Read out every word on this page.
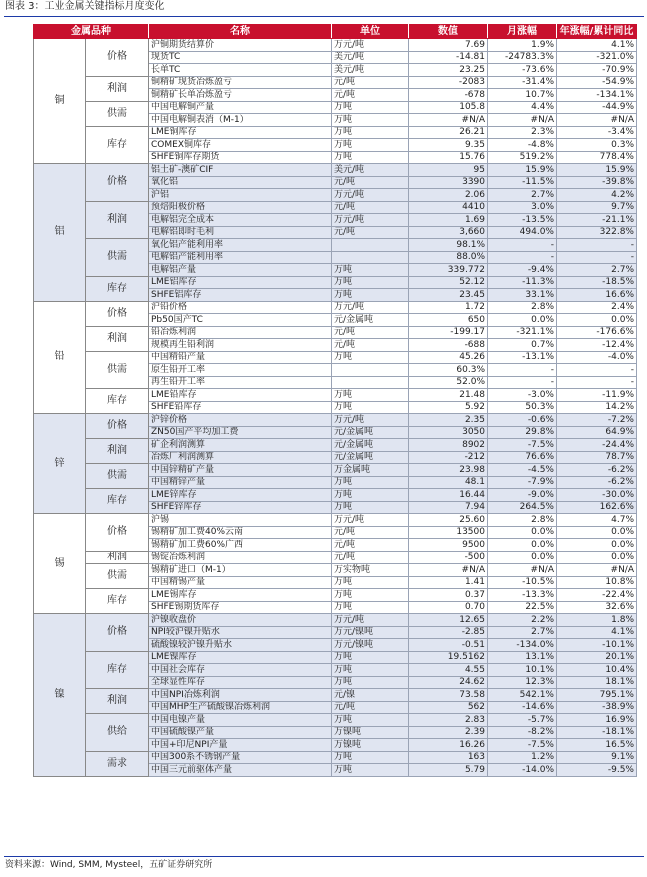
图表 3：工业金属关键指标月度变化
金属品种		名称	单位	数值	月涨幅	年涨幅/累计同比
铜	价格	沪铜期货结算价	万元/吨	7.69	1.9%	4.1%
		现货TC	美元/吨	-14.81	-24783.3%	-321.0%
		长单TC	美元/吨	23.25	-73.6%	-70.9%
	利润	铜精矿现货冶炼盈亏	元/吨	-2083	-31.4%	-54.9%
		铜精矿长单冶炼盈亏	元/吨	-678	10.7%	-134.1%
	供需	中国电解铜产量	万吨	105.8	4.4%	-44.9%
		中国电解铜表消（M-1）	万吨	#N/A	#N/A	#N/A
	库存	LME铜库存	万吨	26.21	2.3%	-3.4%
		COMEX铜库存	万吨	9.35	-4.8%	0.3%
		SHFE铜库存期货	万吨	15.76	519.2%	778.4%
铝	价格	铝土矿-澳矿CIF	美元/吨	95	15.9%	15.9%
		氧化铝	元/吨	3390	-11.5%	-39.8%
		沪铝	万元/吨	2.06	2.7%	4.2%
	利润	预焙阳极价格	元/吨	4410	3.0%	9.7%
		电解铝完全成本	万元/吨	1.69	-13.5%	-21.1%
		电解铝即时毛利	元/吨	3,660	494.0%	322.8%
	供需	氧化铝产能利用率		98.1%	-	-
		电解铝产能利用率		88.0%	-	-
		电解铝产量	万吨	339.772	-9.4%	2.7%
	库存	LME铝库存	万吨	52.12	-11.3%	-18.5%
		SHFE铝库存	万吨	23.45	33.1%	16.6%
铅	价格	沪铅价格	万元/吨	1.72	2.8%	2.4%
		Pb50国产TC	元/金属吨	650	0.0%	0.0%
	利润	铅冶炼利润	元/吨	-199.17	-321.1%	-176.6%
		规模再生铅利润	元/吨	-688	0.7%	-12.4%
	供需	中国精铅产量	万吨	45.26	-13.1%	-4.0%
		原生铅开工率		60.3%	-	-
		再生铅开工率		52.0%	-	-
	库存	LME铅库存	万吨	21.48	-3.0%	-11.9%
		SHFE铅库存	万吨	5.92	50.3%	14.2%
锌	价格	沪锌价格	万元/吨	2.35	-0.6%	-7.2%
		ZN50国产平均加工费	元/金属吨	3050	29.8%	64.9%
	利润	矿企利润测算	元/金属吨	8902	-7.5%	-24.4%
		冶炼厂利润测算	元/金属吨	-212	76.6%	78.7%
	供需	中国锌精矿产量	万金属吨	23.98	-4.5%	-6.2%
		中国精锌产量	万吨	48.1	-7.9%	-6.2%
	库存	LME锌库存	万吨	16.44	-9.0%	-30.0%
		SHFE锌库存	万吨	7.94	264.5%	162.6%
锡	价格	沪锡	万元/吨	25.60	2.8%	4.7%
		锡精矿加工费40%云南	元/吨	13500	0.0%	0.0%
		锡精矿加工费60%广西	元/吨	9500	0.0%	0.0%
	利润	锡锭冶炼利润	元/吨	-500	0.0%	0.0%
	供需	锡精矿进口（M-1）	万实物吨	#N/A	#N/A	#N/A
		中国精锡产量	万吨	1.41	-10.5%	10.8%
	库存	LME锡库存	万吨	0.37	-13.3%	-22.4%
		SHFE锡期货库存	万吨	0.70	22.5%	32.6%
镍	价格	沪镍收盘价	万元/吨	12.65	2.2%	1.8%
		NPI较沪镍升贴水	万元/镍吨	-2.85	2.7%	4.1%
		硫酸镍较沪镍升贴水	万元/镍吨	-0.51	-134.0%	-10.1%
	库存	LME镍库存	万吨	19.5162	13.1%	20.1%
		中国社会库存	万吨	4.55	10.1%	10.4%
		全球显性库存	万吨	24.62	12.3%	18.1%
	利润	中国NPI冶炼利润	元/镍	73.58	542.1%	795.1%
		中国MHP生产硫酸镍冶炼利润	元/吨	562	-14.6%	-38.9%
	供给	中国电镍产量	万吨	2.83	-5.7%	16.9%
		中国硫酸镍产量	万镍吨	2.39	-8.2%	-18.1%
		中国+印尼NPI产量	万镍吨	16.26	-7.5%	16.5%
	需求	中国300系不锈钢产量	万吨	163	1.2%	9.1%
		中国三元前驱体产量	万吨	5.79	-14.0%	-9.5%
资料来源：Wind, SMM, Mysteel，五矿证券研究所
